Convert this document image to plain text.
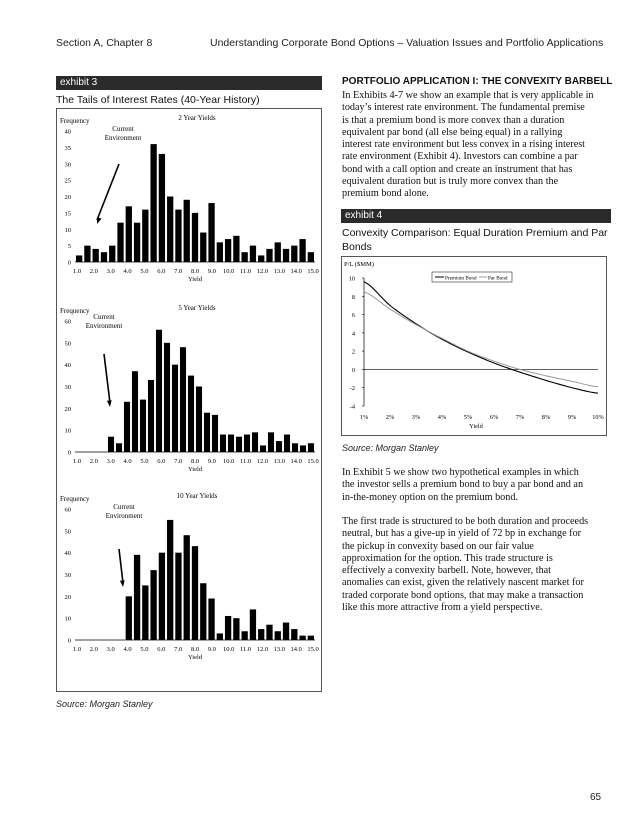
Section A, Chapter 8	Understanding Corporate Bond Options – Valuation Issues and Portfolio Applications
exhibit 3
The Tails of Interest Rates (40-Year History)
Frequency	2 Year Yields
0
5
10
15
20
25
30
35
40
1.0 2.0 3.0 4.0 5.0 6.0 7.0 8.0 9.0 10.0 11.0 12.0 13.0 14.0 15.0
Yield
Current
Environment
Frequency	5 Year Yields
0
10
20
30
40
50
60
1.0 2.0 3.0 4.0 5.0 6.0 7.0 8.0 9.0 10.0 11.0 12.0 13.0 14.0 15.0
Yield
Current
Environment
Frequency	10 Year Yields
0
10
20
30
40
50
60
1.0 2.0 3.0 4.0 5.0 6.0 7.0 8.0 9.0 10.0 11.0 12.0 13.0 14.0 15.0
Yield
Current
Environment
Source: Morgan Stanley
PORTFOLIO APPLICATION I: THE CONVEXITY BARBELL
In Exhibits 4-7 we show an example that is very applicable in
today’s interest rate environment. The fundamental premise
is that a premium bond is more convex than a duration
equivalent par bond (all else being equal) in a rallying
interest rate environment but less convex in a rising interest
rate environment (Exhibit 4). Investors can combine a par
bond with a call option and create an instrument that has
equivalent duration but is truly more convex than the
premium bond alone.
exhibit 4
Convexity Comparison: Equal Duration Premium and Par
Bonds
P/L ($MM)
-4
-2
0
2
4
6
8
10
1%	2%	3%	4%	5%	6%	7%	8%	9%	10%
Yield
Premium Bond Par Bond
Source: Morgan Stanley
In Exhibit 5 we show two hypothetical examples in which
the investor sells a premium bond to buy a par bond and an
in-the-money option on the premium bond.
The first trade is structured to be both duration and proceeds
neutral, but has a give-up in yield of 72 bp in exchange for
the pickup in convexity based on our fair value
approximation for the option. This trade structure is
effectively a convexity barbell. Note, however, that
anomalies can exist, given the relatively nascent market for
traded corporate bond options, that may make a transaction
like this more attractive from a yield perspective.
65
